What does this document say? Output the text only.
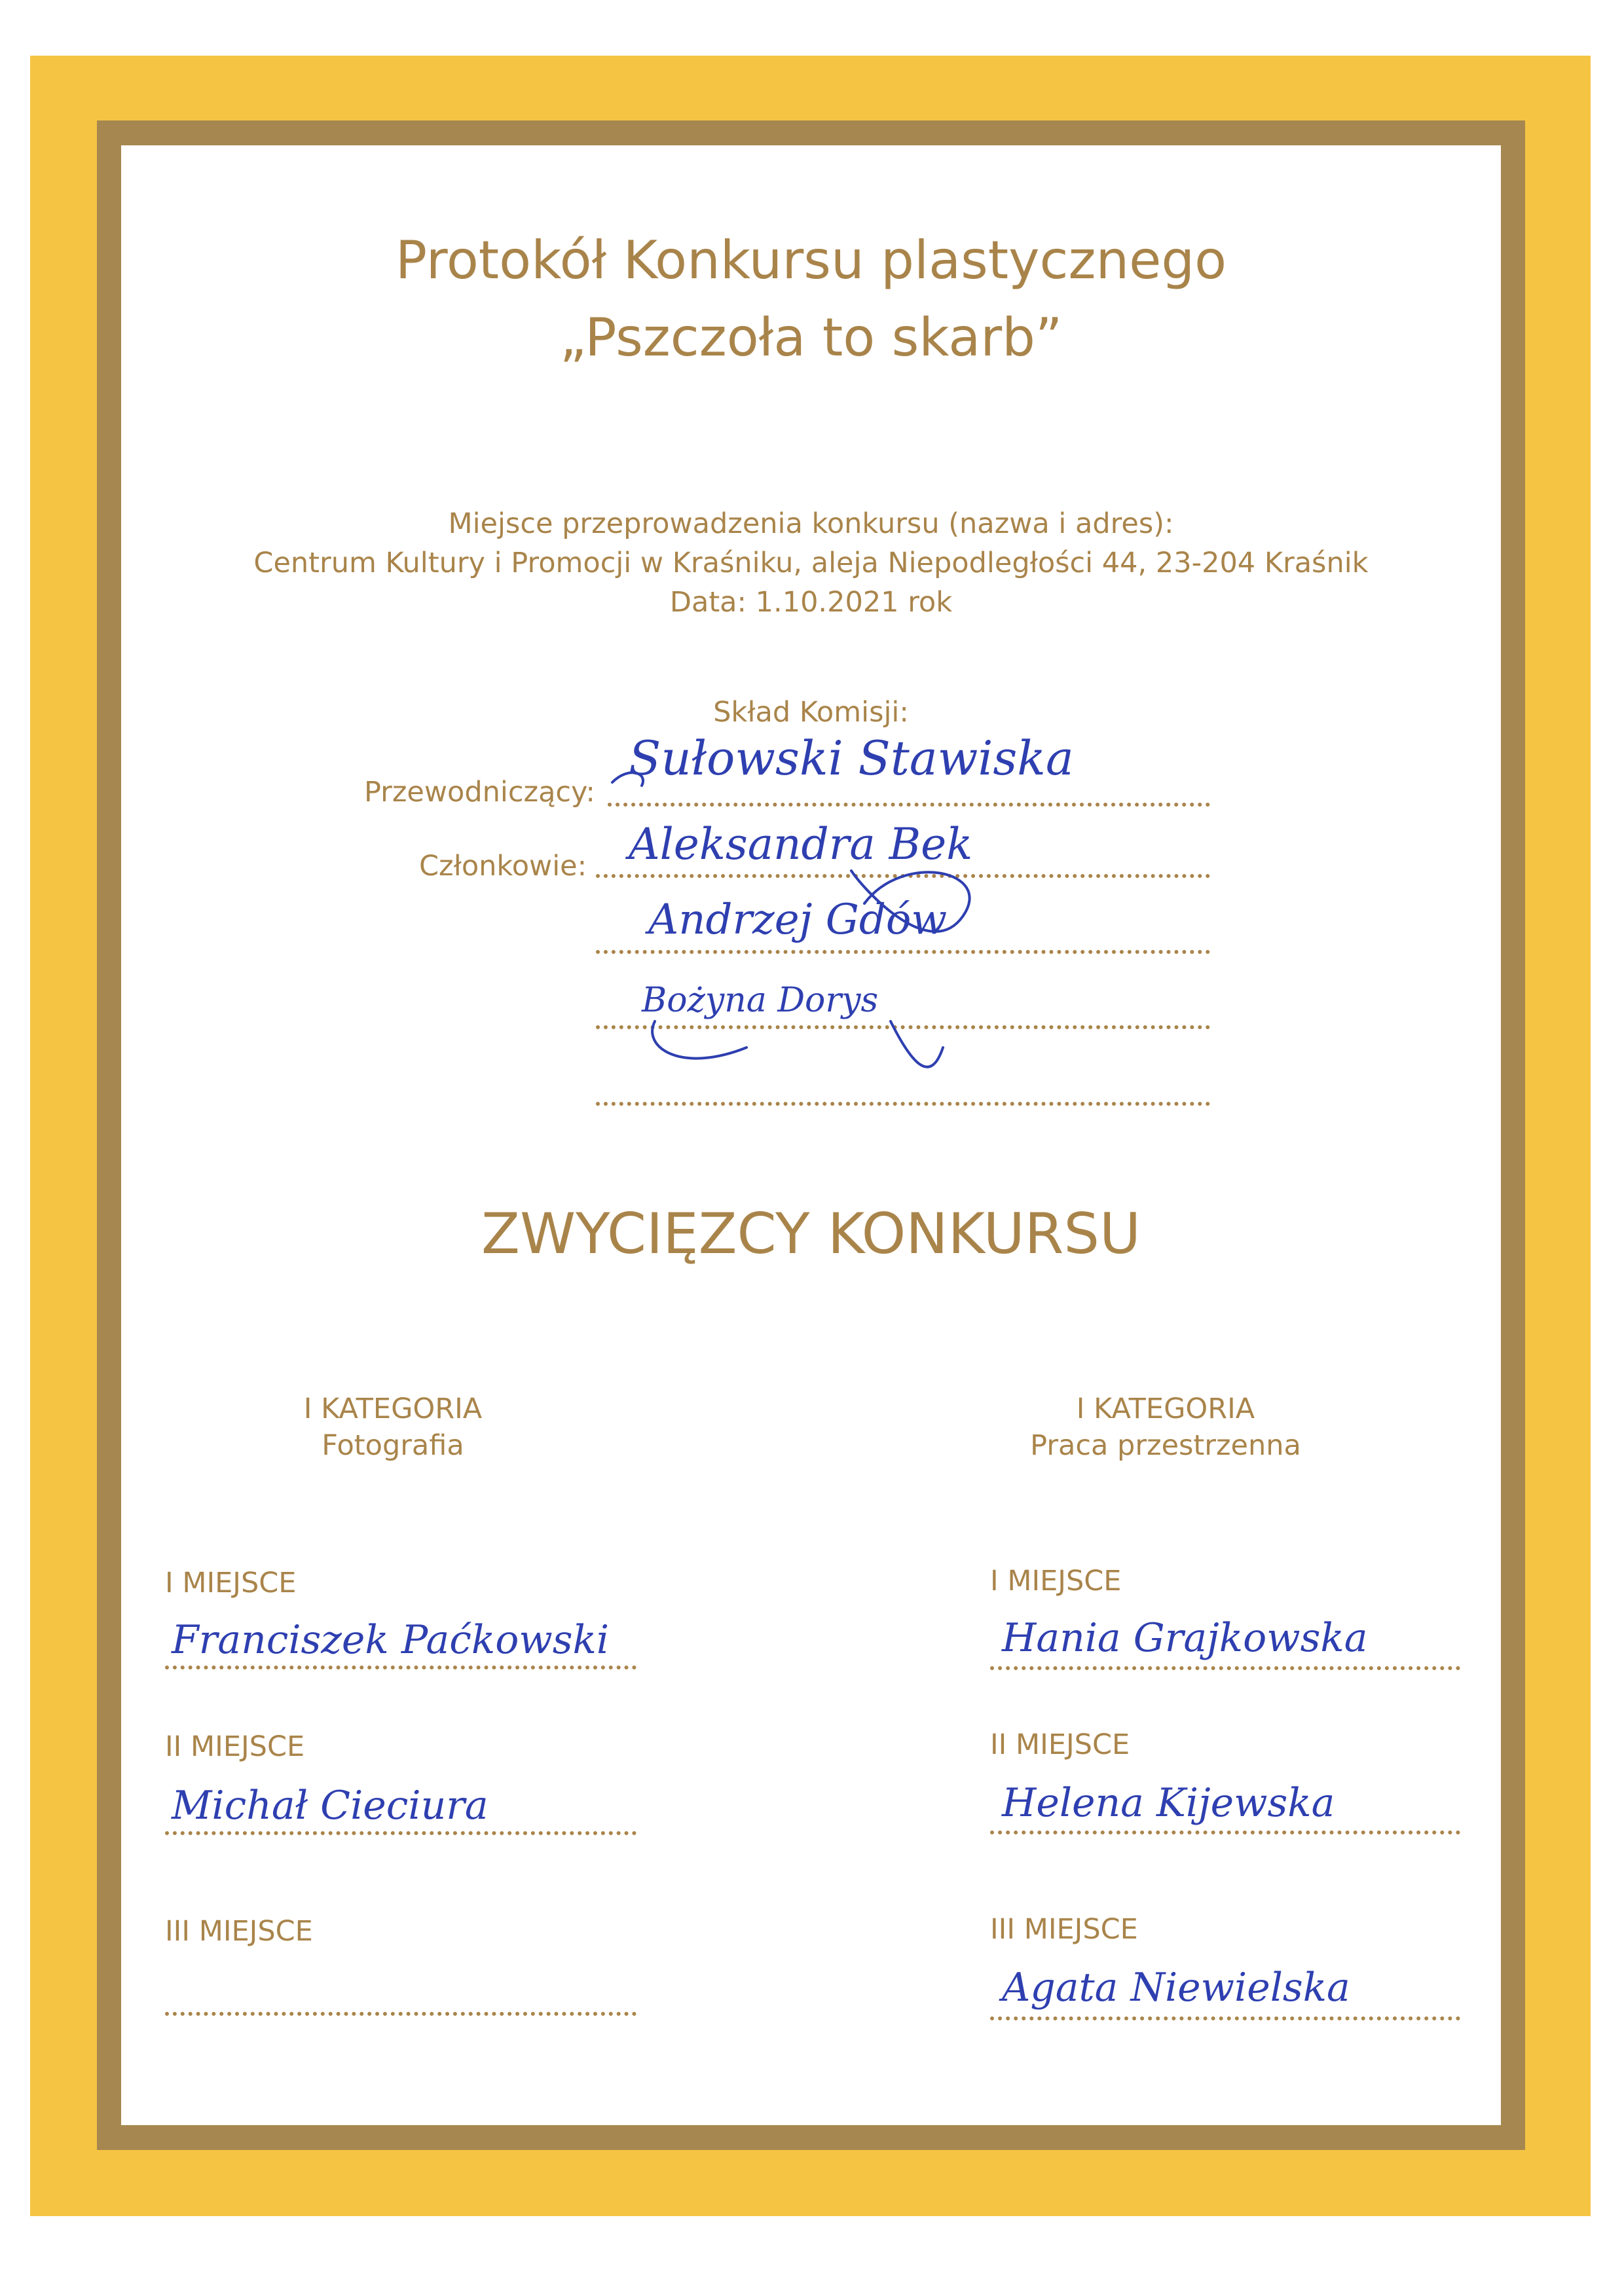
Protokół Konkursu plastycznego
„Pszczoła to skarb”
Miejsce przeprowadzenia konkursu (nazwa i adres):
Centrum Kultury i Promocji w Kraśniku, aleja Niepodległości 44, 23-204 Kraśnik
Data: 1.10.2021 rok
Skład Komisji:
Przewodniczący:
Sułowski Stawiska
Członkowie: Aleksandra Bek
Andrzej Gdów
Bożyna Dorys
ZWYCIĘZCY KONKURSU
I KATEGORIA
Fotografia
I MIEJSCE
Franciszek Paćkowski
II MIEJSCE
Michał Cieciura
III MIEJSCE
I KATEGORIA
Praca przestrzenna
I MIEJSCE
Hania Grajkowska
II MIEJSCE
Helena Kijewska
III MIEJSCE
Agata Niewielska
